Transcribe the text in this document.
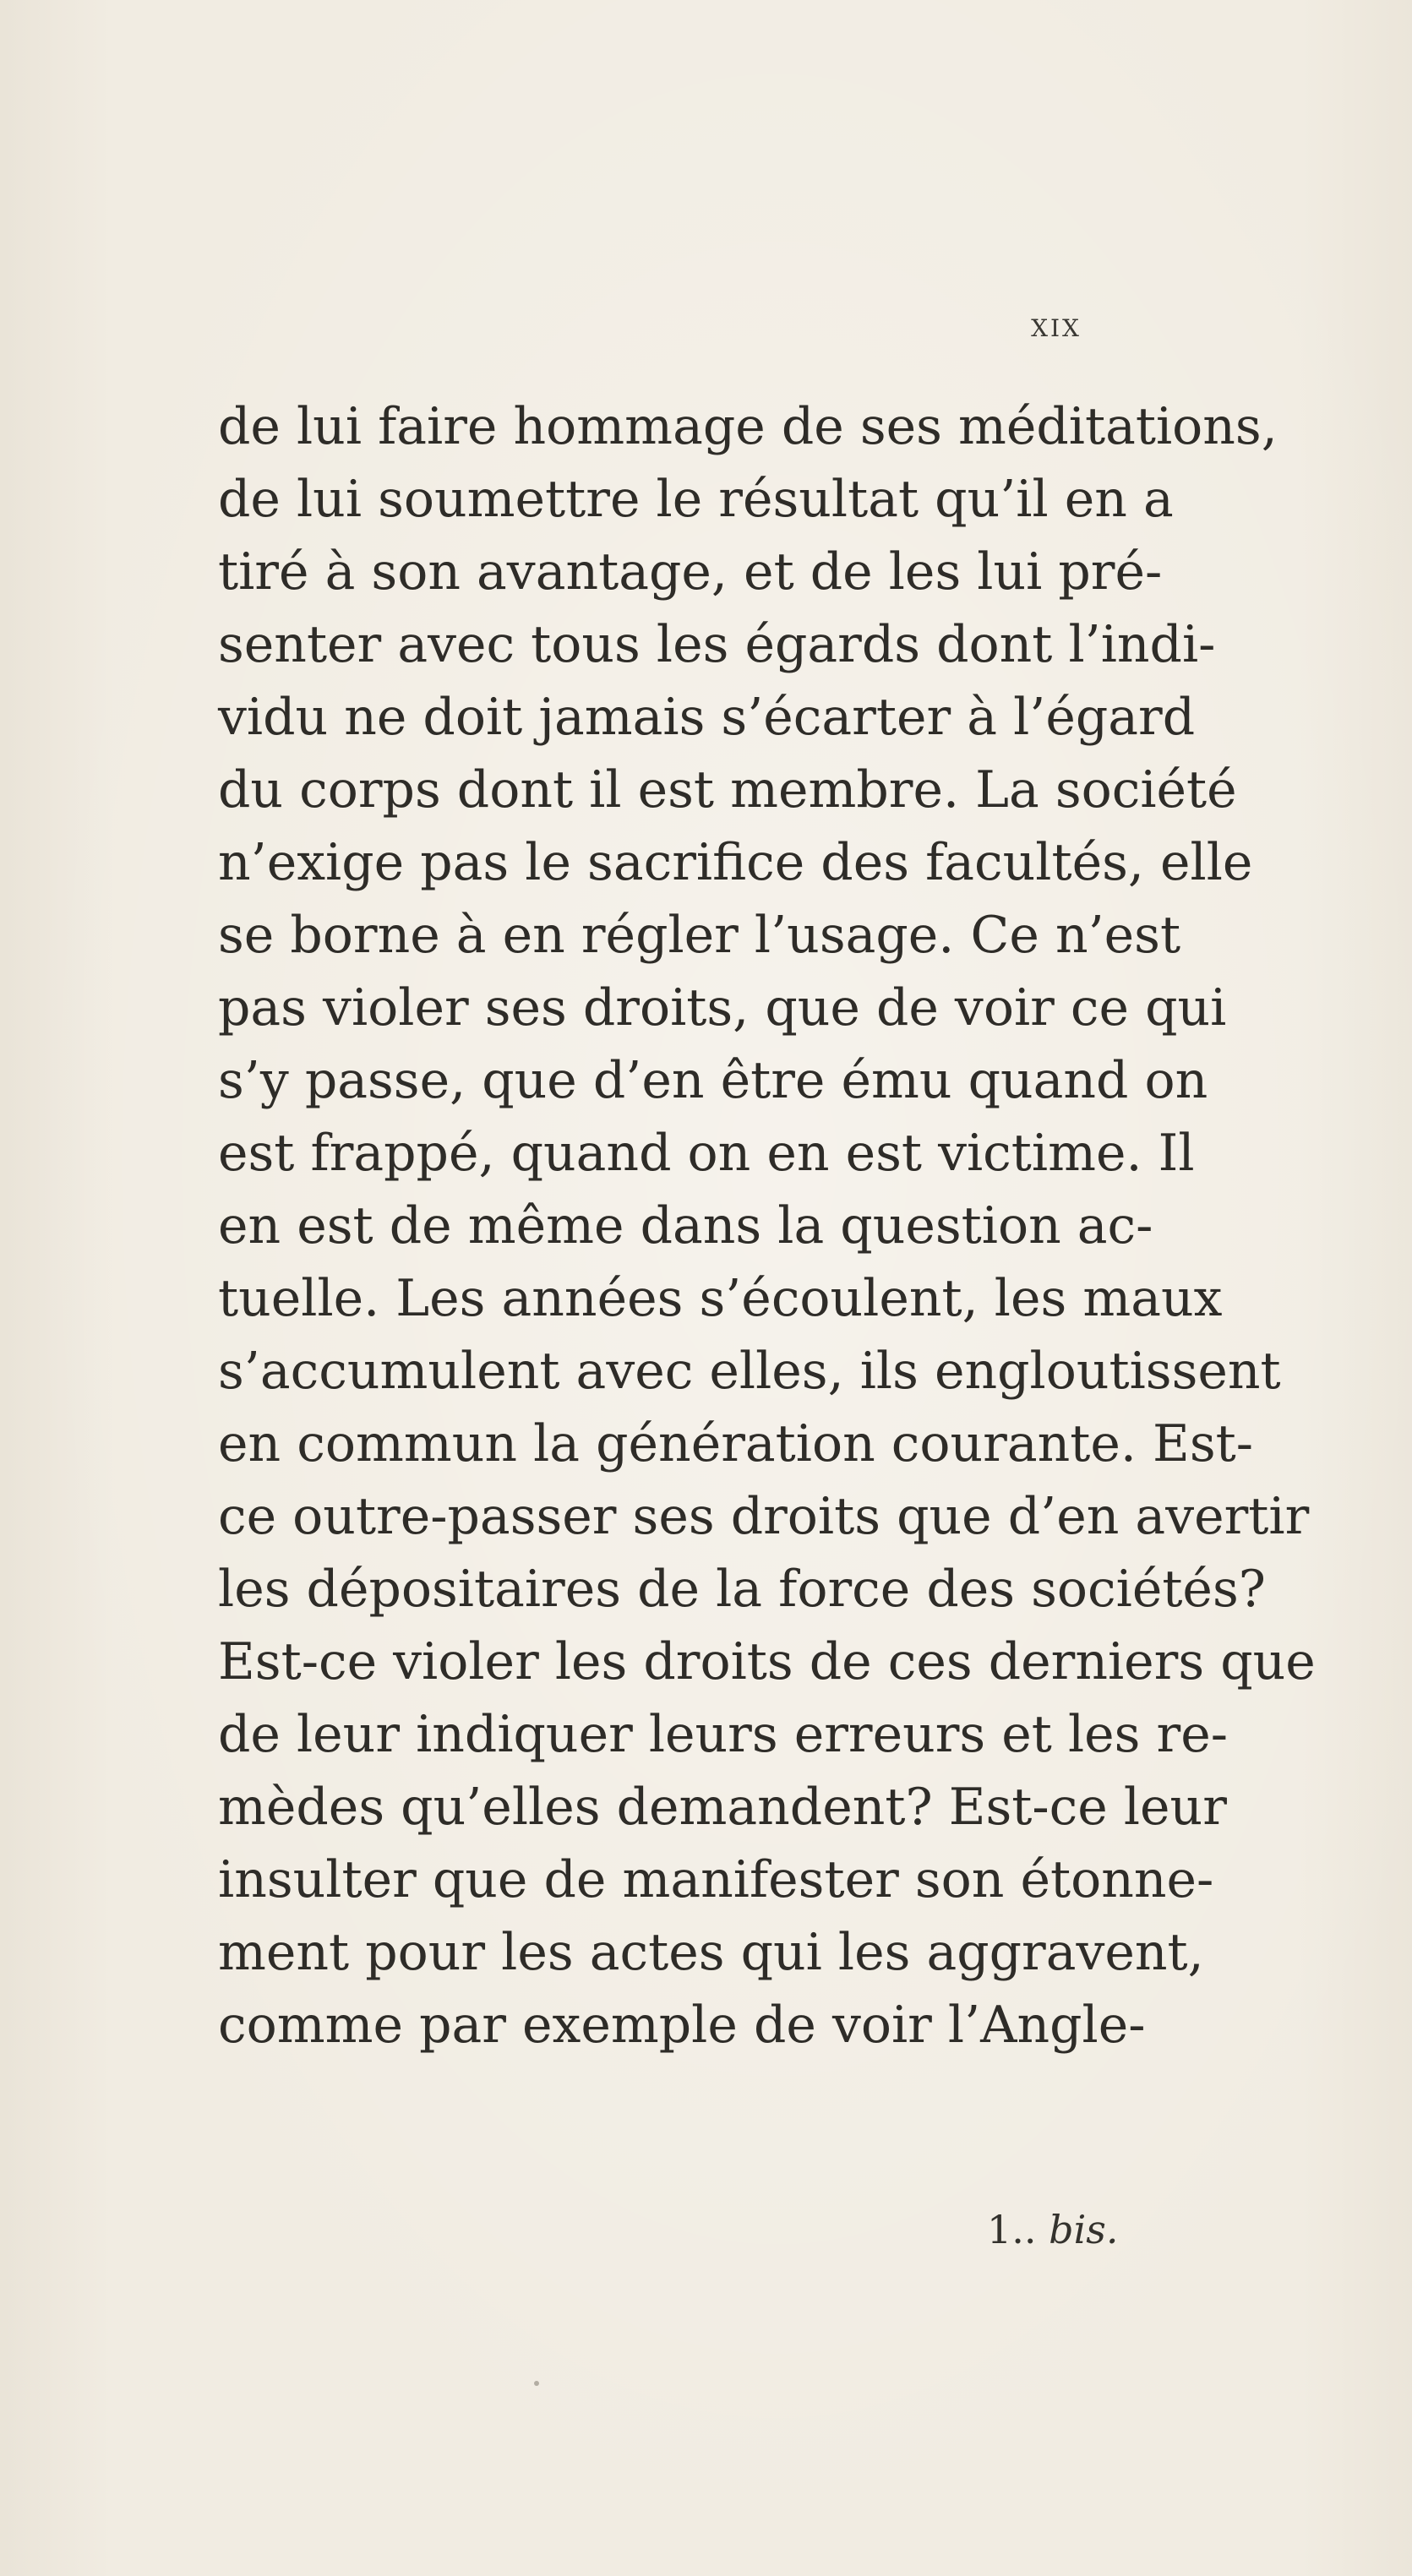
xix
de lui faire hommage de ses méditations,
de lui soumettre le résultat qu’il en a
tiré à son avantage, et de les lui pré-
senter avec tous les égards dont l’indi-
vidu ne doit jamais s’écarter à l’égard
du corps dont il est membre. La société
n’exige pas le sacrifice des facultés, elle
se borne à en régler l’usage. Ce n’est
pas violer ses droits, que de voir ce qui
s’y passe, que d’en être ému quand on
est frappé, quand on en est victime. Il
en est de même dans la question ac-
tuelle. Les années s’écoulent, les maux
s’accumulent avec elles, ils engloutissent
en commun la génération courante. Est-
ce outre-passer ses droits que d’en avertir
les dépositaires de la force des sociétés?
Est-ce violer les droits de ces derniers que
de leur indiquer leurs erreurs et les re-
mèdes qu’elles demandent? Est-ce leur
insulter que de manifester son étonne-
ment pour les actes qui les aggravent,
comme par exemple de voir l’Angle-
1.. bis.
